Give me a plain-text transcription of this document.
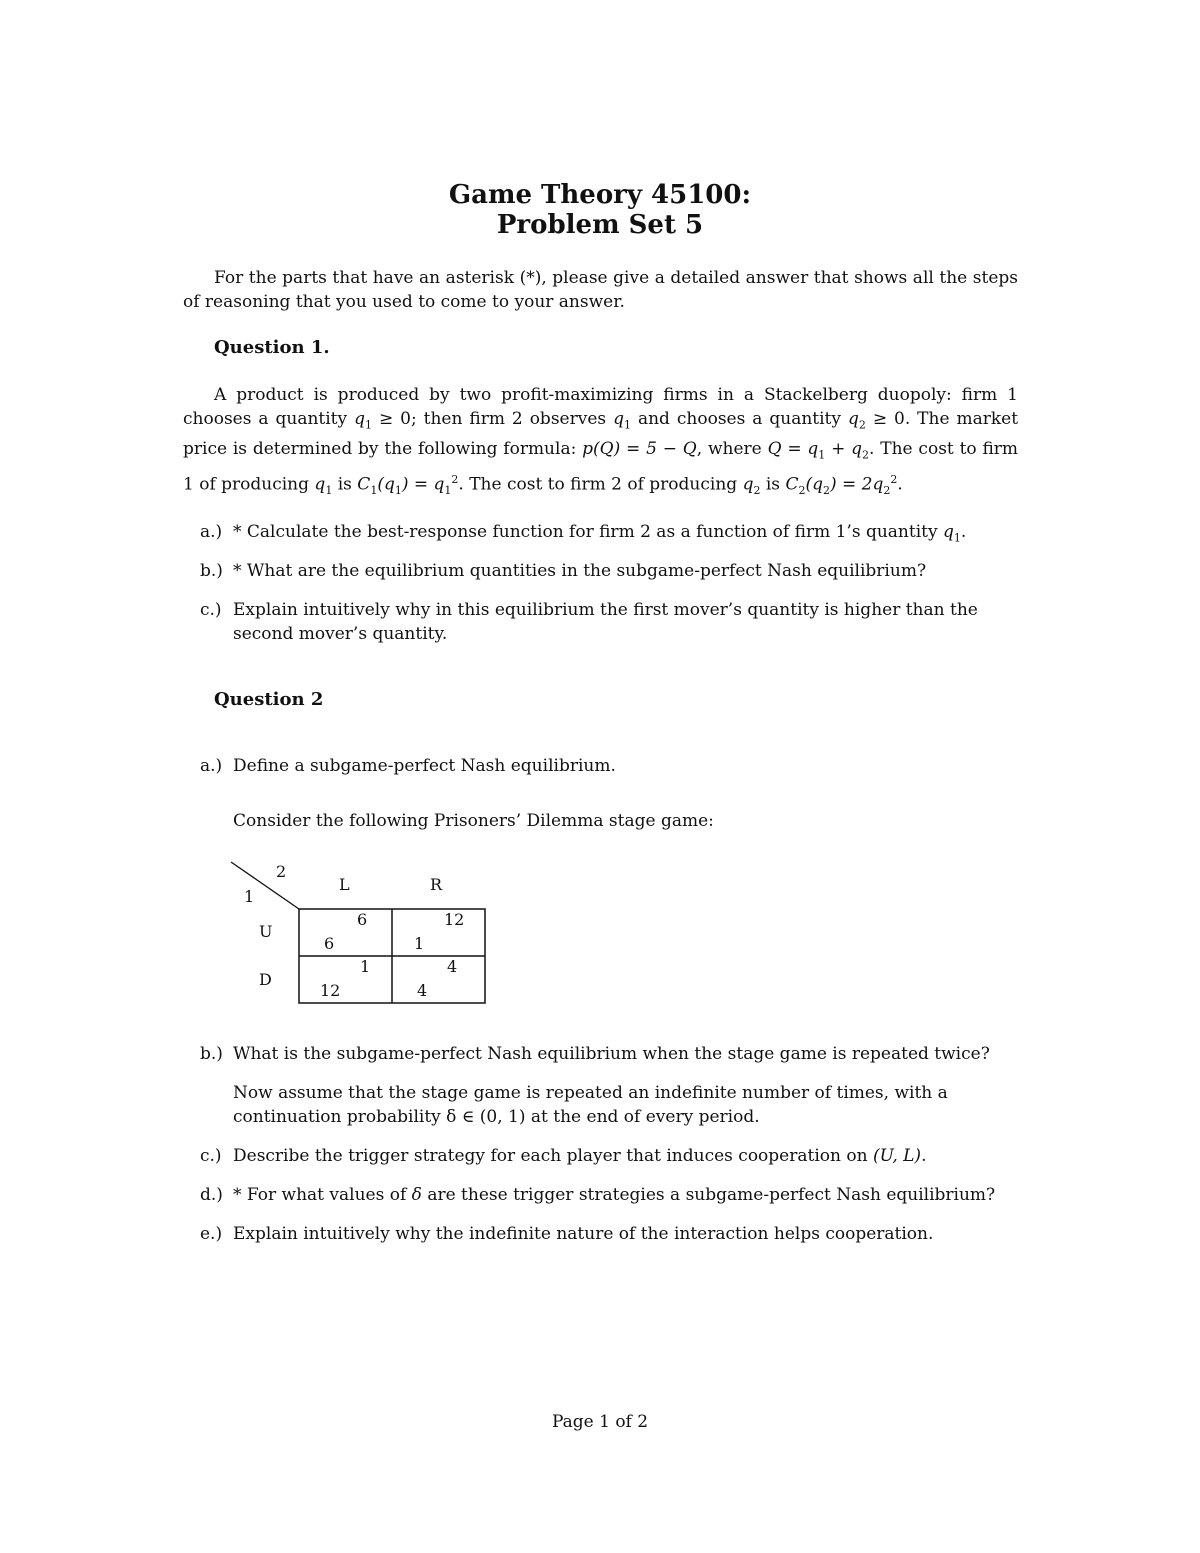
Game Theory 45100:
Problem Set 5
For the parts that have an asterisk (*), please give a detailed answer that shows all the steps of reasoning that you used to come to your answer.
Question 1.
A product is produced by two profit-maximizing firms in a Stackelberg duopoly: firm 1 chooses a quantity $q_1 \ge 0$; then firm 2 observes $q_1$ and chooses a quantity $q_2 \ge 0$. The market price is determined by the following formula: p(Q) = 5 − Q, where $Q = q_1 + q_2$. The cost to firm 1 of producing $q_1$ is $C_1(q_1) = q_1^2$. The cost to firm 2 of producing $q_2$ is $C_2(q_2) = 2q_2^2$.
a.) * Calculate the best-response function for firm 2 as a function of firm 1’s quantity $q_1$.
b.) * What are the equilibrium quantities in the subgame-perfect Nash equilibrium?
c.) Explain intuitively why in this equilibrium the first mover’s quantity is higher than the second mover’s quantity.
Question 2
a.) Define a subgame-perfect Nash equilibrium.
Consider the following Prisoners’ Dilemma stage game:
2
1
L	R
U
D
6
6
12
1
1
12
4
4
b.) What is the subgame-perfect Nash equilibrium when the stage game is repeated twice?
Now assume that the stage game is repeated an indefinite number of times, with a continuation probability δ ∈ (0, 1) at the end of every period.
c.) Describe the trigger strategy for each player that induces cooperation on (U, L).
d.) * For what values of δ are these trigger strategies a subgame-perfect Nash equilibrium?
e.) Explain intuitively why the indefinite nature of the interaction helps cooperation.
Page 1 of 2
